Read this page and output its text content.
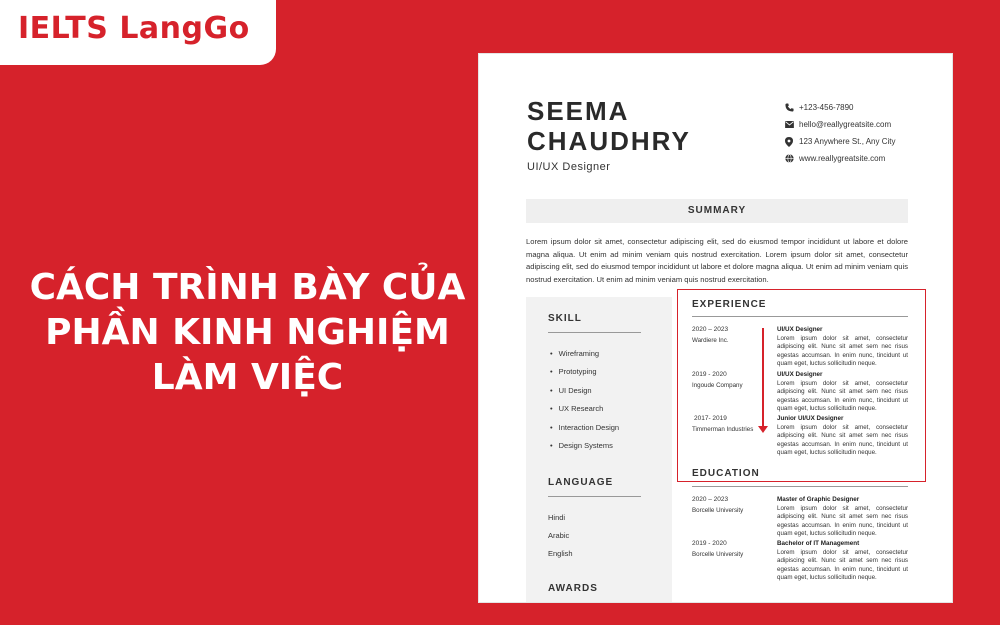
IELTS LangGo
CÁCH TRÌNH BÀY CỦA
PHẦN KINH NGHIỆM
LÀM VIỆC
SEEMA
CHAUDHRY
UI/UX Designer
+123-456-7890
hello@reallygreatsite.com
123 Anywhere St., Any City
www.reallygreatsite.com
SUMMARY
Lorem ipsum dolor sit amet, consectetur adipiscing elit, sed do eiusmod tempor incididunt ut labore et dolore magna aliqua. Ut enim ad minim veniam quis nostrud exercitation. Lorem ipsum dolor sit amet, consectetur adipiscing elit, sed do eiusmod tempor incididunt ut labore et dolore magna aliqua. Ut enim ad minim veniam quis nostrud exercitation. Ut enim ad minim veniam quis nostrud exercitation.
SKILL
• Wireframing
• Prototyping
• UI Design
• UX Research
• Interaction Design
• Design Systems
LANGUAGE
Hindi
Arabic
English
AWARDS
EXPERIENCE
2020 – 2023
Wardiere Inc.
UI/UX Designer
Lorem ipsum dolor sit amet, consectetur adipiscing elit. Nunc sit amet sem nec risus egestas accumsan. In enim nunc, tincidunt ut quam eget, luctus sollicitudin neque.
2019 - 2020
Ingoude Company
UI/UX Designer
Lorem ipsum dolor sit amet, consectetur adipiscing elit. Nunc sit amet sem nec risus egestas accumsan. In enim nunc, tincidunt ut quam eget, luctus sollicitudin neque.
2017- 2019
Timmerman Industries
Junior UI/UX Designer
Lorem ipsum dolor sit amet, consectetur adipiscing elit. Nunc sit amet sem nec risus egestas accumsan. In enim nunc, tincidunt ut quam eget, luctus sollicitudin neque.
EDUCATION
2020 – 2023
Borcelle University
Master of Graphic Designer
Lorem ipsum dolor sit amet, consectetur adipiscing elit. Nunc sit amet sem nec risus egestas accumsan. In enim nunc, tincidunt ut quam eget, luctus sollicitudin neque.
2019 - 2020
Borcelle University
Bachelor of IT Management
Lorem ipsum dolor sit amet, consectetur adipiscing elit. Nunc sit amet sem nec risus egestas accumsan. In enim nunc, tincidunt ut quam eget, luctus sollicitudin neque.
